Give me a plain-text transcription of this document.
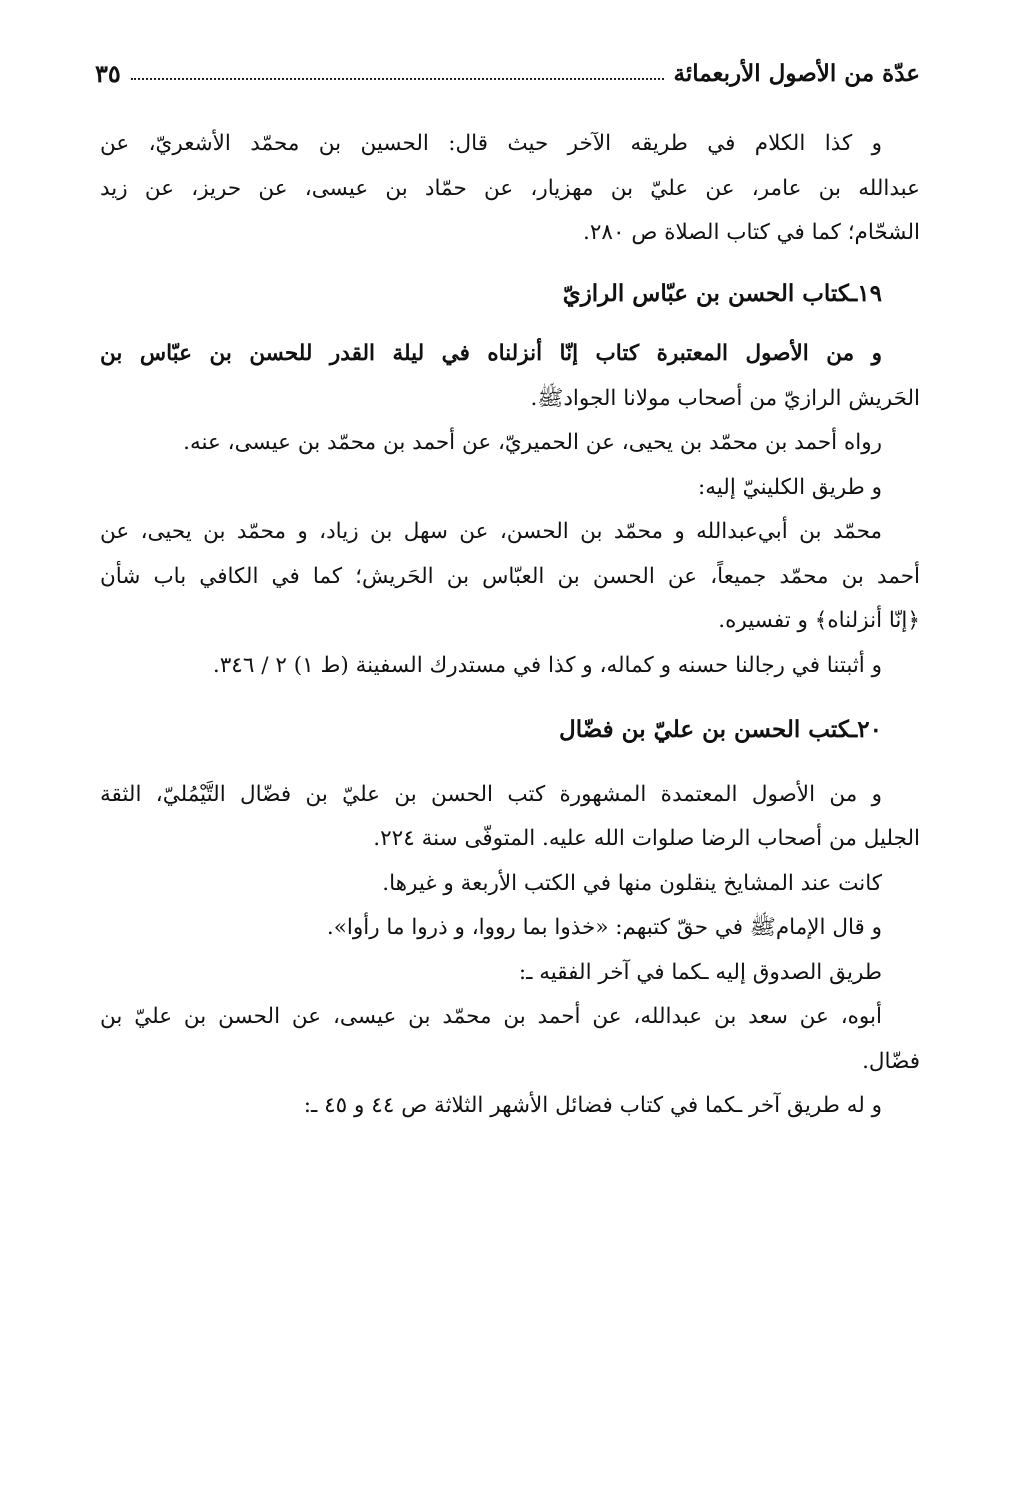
عدّة من الأصول الأربعمائة
٣٥
و كذا الكلام في طريقه الآخر حيث قال: الحسين بن محمّد الأشعريّ، عن
عبدالله بن عامر، عن عليّ بن مهزيار، عن حمّاد بن عيسى، عن حريز، عن زيد
الشحّام؛ كما في كتاب الصلاة ص ٢٨٠.
١٩ـكتاب الحسن بن عبّاس الرازيّ
و من الأصول المعتبرة كتاب إنّا أنزلناه في ليلة القدر للحسن بن عبّاس بن
الحَريش الرازيّ من أصحاب مولانا الجوادﷺ.
رواه أحمد بن محمّد بن يحيى، عن الحميريّ، عن أحمد بن محمّد بن عيسى، عنه.
و طريق الكلينيّ إليه:
محمّد بن أبي‌عبدالله و محمّد بن الحسن، عن سهل بن زياد، و محمّد بن يحيى، عن
أحمد بن محمّد جميعاً، عن الحسن بن العبّاس بن الحَريش؛ كما في الكافي باب شأن
﴿إنّا أنزلناه﴾ و تفسيره.
و أثبتنا في رجالنا حسنه و كماله، و كذا في مستدرك السفينة (ط ١) ٢ / ٣٤٦.
٢٠ـكتب الحسن بن عليّ بن فضّال
و من الأصول المعتمدة المشهورة كتب الحسن بن عليّ بن فضّال التَّيْمُليّ، الثقة
الجليل من أصحاب الرضا صلوات الله عليه. المتوفّى سنة ٢٢٤.
كانت عند المشايخ ينقلون منها في الكتب الأربعة و غيرها.
و قال الإمامﷺ في حقّ كتبهم: «خذوا بما رووا، و ذروا ما رأوا».
طريق الصدوق إليه ـكما في آخر الفقيه ـ:
أبوه، عن سعد بن عبدالله، عن أحمد بن محمّد بن عيسى، عن الحسن بن عليّ بن
فضّال.
و له طريق آخر ـكما في كتاب فضائل الأشهر الثلاثة ص ٤٤ و ٤٥ ـ:
